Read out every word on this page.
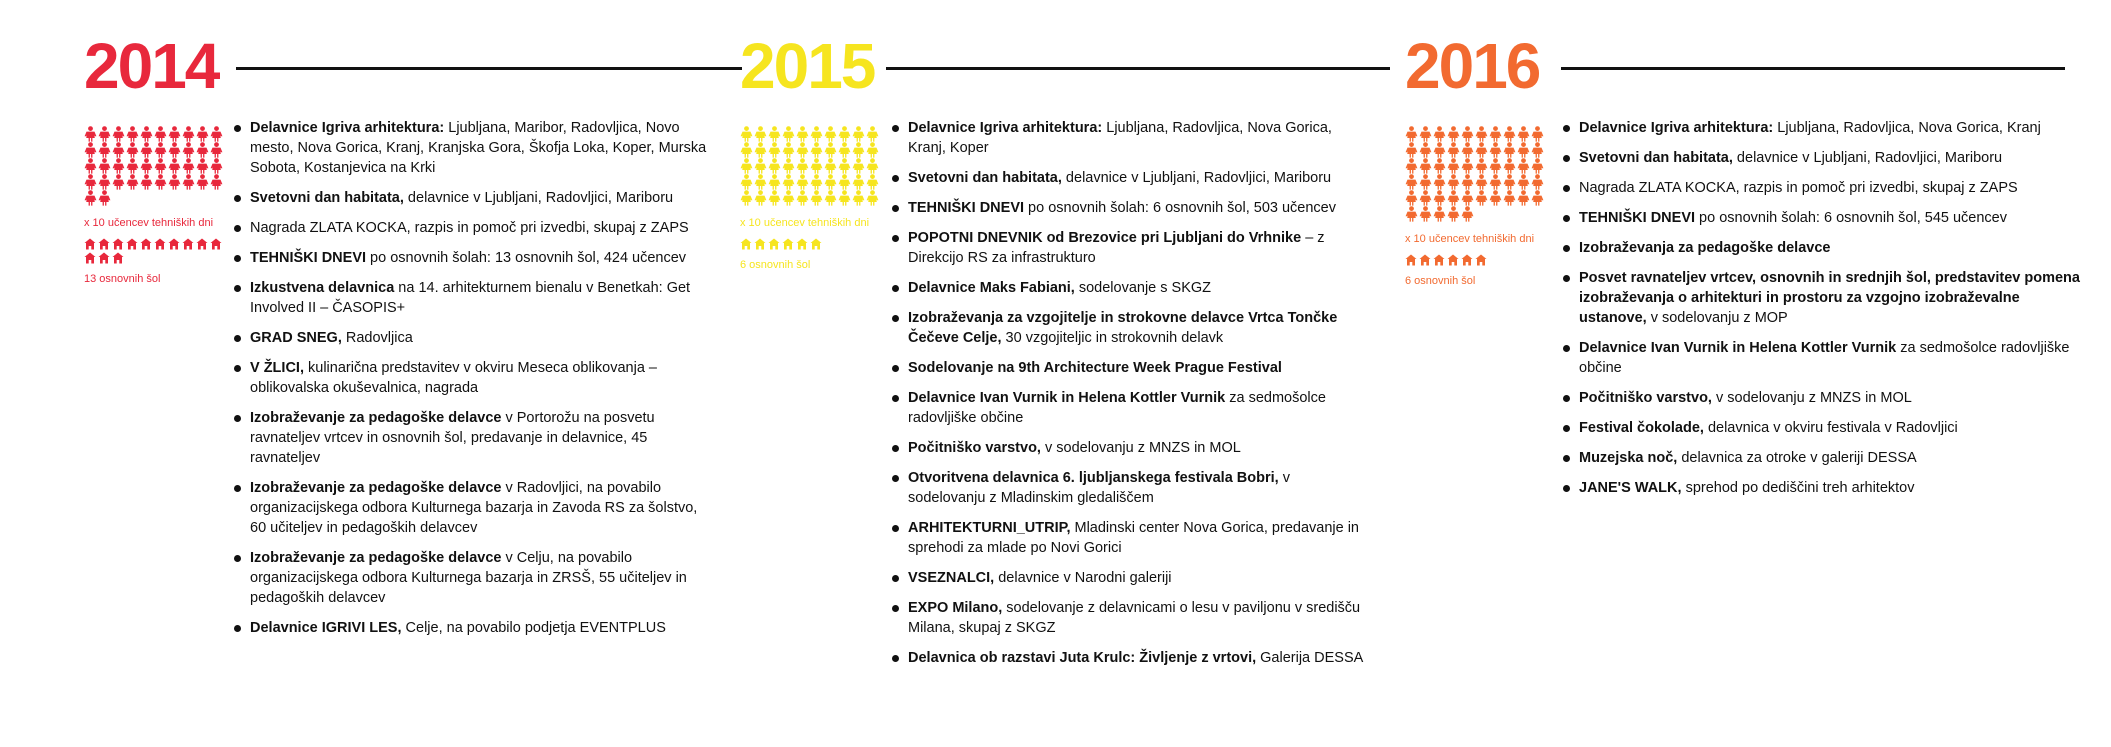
2014
x 10 učencev tehniških dni
13 osnovnih šol
Delavnice Igriva arhitektura: Ljubljana, Maribor, Radovljica, Novo mesto, Nova Gorica, Kranj, Kranjska Gora, Škofja Loka, Koper, Murska Sobota, Kostanjevica na Krki
Svetovni dan habitata, delavnice v Ljubljani, Radovljici, Mariboru
Nagrada ZLATA KOCKA, razpis in pomoč pri izvedbi, skupaj z ZAPS
TEHNIŠKI DNEVI po osnovnih šolah: 13 osnovnih šol, 424 učencev
Izkustvena delavnica na 14. arhitekturnem bienalu v Benetkah: Get Involved II – ČASOPIS+
GRAD SNEG, Radovljica
V ŽLICI, kulinarična predstavitev v okviru Meseca oblikovanja – oblikovalska okuševalnica, nagrada
Izobraževanje za pedagoške delavce v Portorožu na posvetu ravnateljev vrtcev in osnovnih šol, predavanje in delavnice, 45 ravnateljev
Izobraževanje za pedagoške delavce v Radovljici, na povabilo organizacijskega odbora Kulturnega bazarja in Zavoda RS za šolstvo, 60 učiteljev in pedagoških delavcev
Izobraževanje za pedagoške delavce v Celju, na povabilo organizacijskega odbora Kulturnega bazarja in ZRSŠ, 55 učiteljev in pedagoških delavcev
Delavnice IGRIVI LES, Celje, na povabilo podjetja EVENTPLUS
2015
x 10 učencev tehniških dni
6 osnovnih šol
Delavnice Igriva arhitektura: Ljubljana, Radovljica, Nova Gorica, Kranj, Koper
Svetovni dan habitata, delavnice v Ljubljani, Radovljici, Mariboru
TEHNIŠKI DNEVI po osnovnih šolah: 6 osnovnih šol, 503 učencev
POPOTNI DNEVNIK od Brezovice pri Ljubljani do Vrhnike – z Direkcijo RS za infrastrukturo
Delavnice Maks Fabiani, sodelovanje s SKGZ
Izobraževanja za vzgojitelje in strokovne delavce Vrtca Tončke Čečeve Celje, 30 vzgojiteljic in strokovnih delavk
Sodelovanje na 9th Architecture Week Prague Festival
Delavnice Ivan Vurnik in Helena Kottler Vurnik za sedmošolce radovljiške občine
Počitniško varstvo, v sodelovanju z MNZS in MOL
Otvoritvena delavnica 6. ljubljanskega festivala Bobri, v sodelovanju z Mladinskim gledališčem
ARHITEKTURNI_UTRIP, Mladinski center Nova Gorica, predavanje in sprehodi za mlade po Novi Gorici
VSEZNALCI, delavnice v Narodni galeriji
EXPO Milano, sodelovanje z delavnicami o lesu v paviljonu v središču Milana, skupaj z SKGZ
Delavnica ob razstavi Juta Krulc: Življenje z vrtovi, Galerija DESSA
2016
x 10 učencev tehniških dni
6 osnovnih šol
Delavnice Igriva arhitektura: Ljubljana, Radovljica, Nova Gorica, Kranj
Svetovni dan habitata, delavnice v Ljubljani, Radovljici, Mariboru
Nagrada ZLATA KOCKA, razpis in pomoč pri izvedbi, skupaj z ZAPS
TEHNIŠKI DNEVI po osnovnih šolah: 6 osnovnih šol, 545 učencev
Izobraževanja za pedagoške delavce
Posvet ravnateljev vrtcev, osnovnih in srednjih šol, predstavitev pomena izobraževanja o arhitekturi in prostoru za vzgojno izobraževalne ustanove, v sodelovanju z MOP
Delavnice Ivan Vurnik in Helena Kottler Vurnik za sedmošolce radovljiške občine
Počitniško varstvo, v sodelovanju z MNZS in MOL
Festival čokolade, delavnica v okviru festivala v Radovljici
Muzejska noč, delavnica za otroke v galeriji DESSA
JANE'S WALK, sprehod po dediščini treh arhitektov
